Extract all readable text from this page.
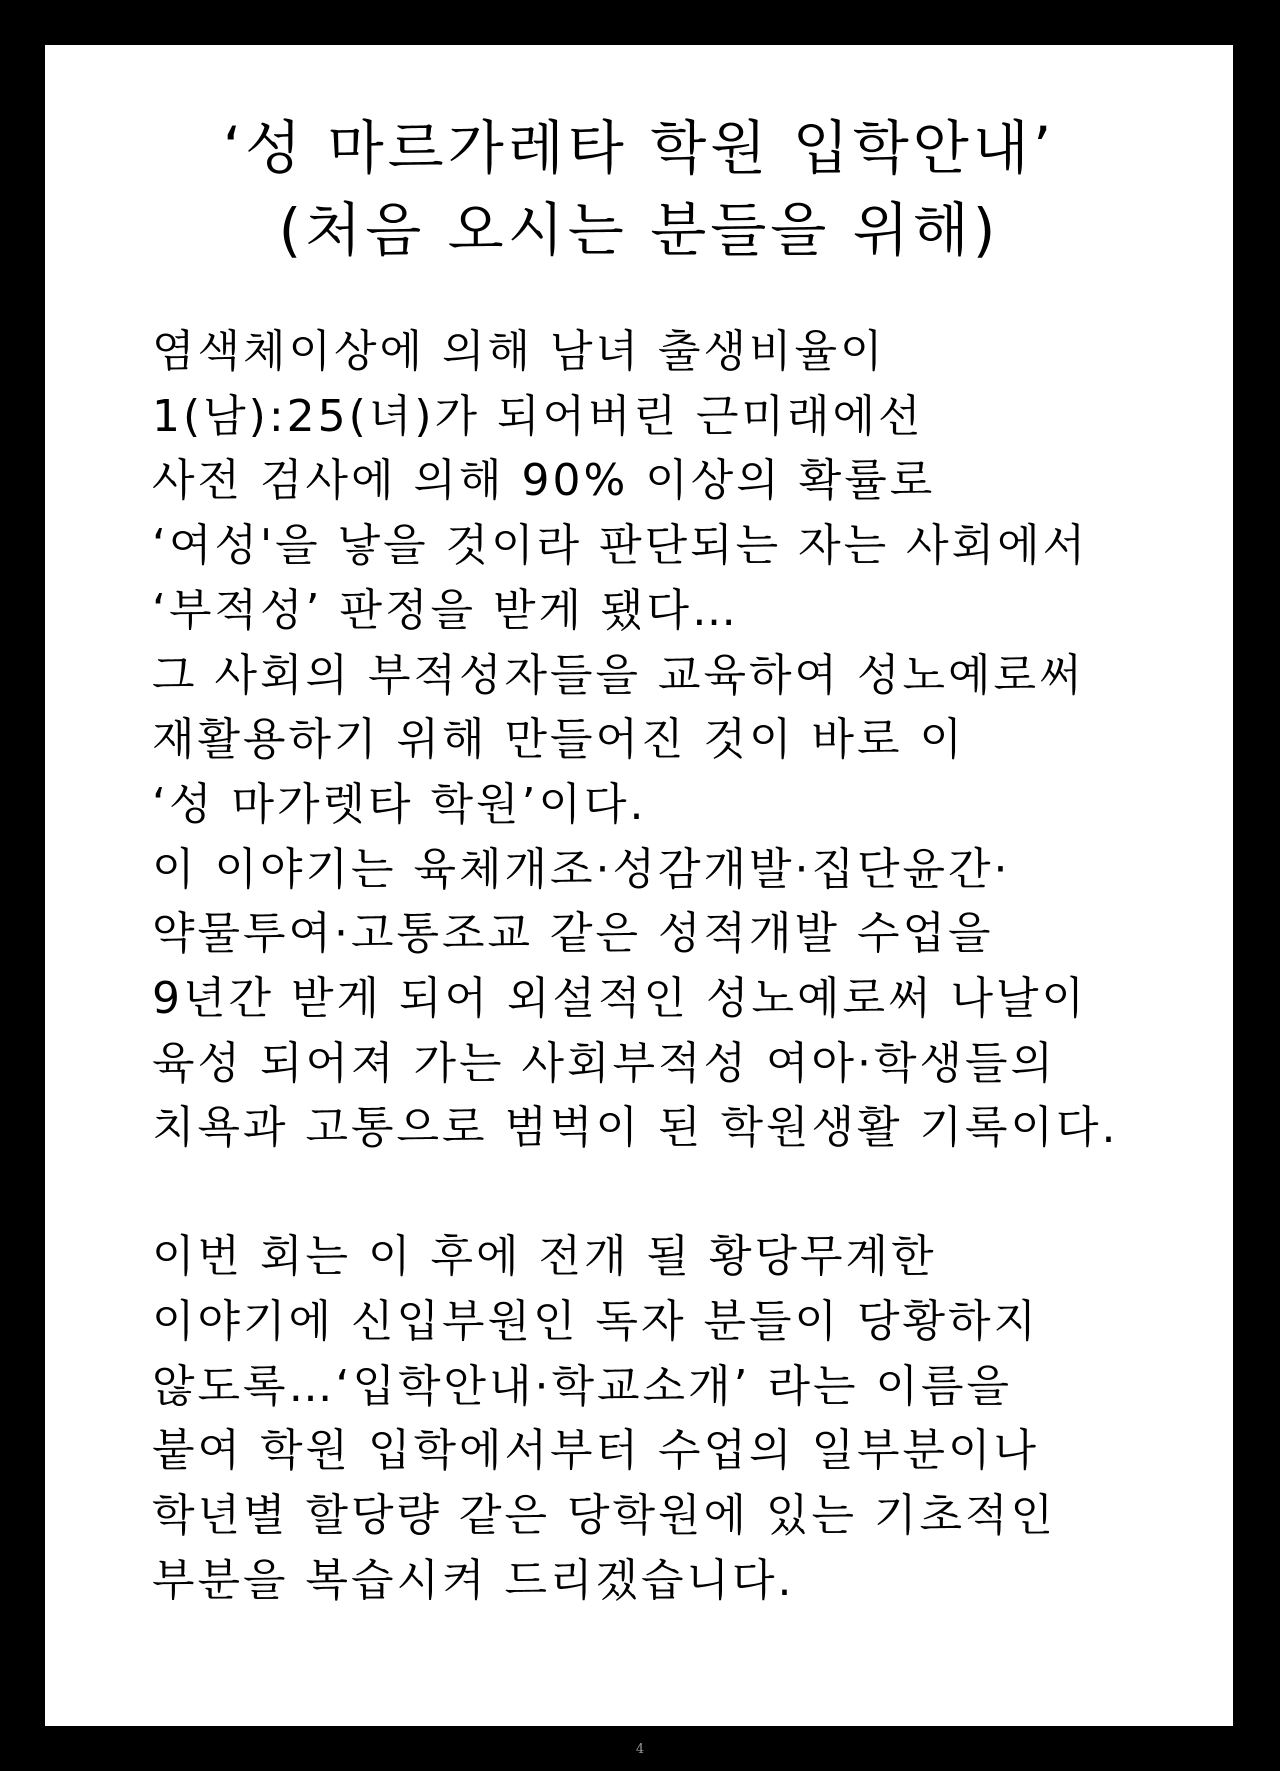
‘성 마르가레타 학원 입학안내’
(처음 오시는 분들을 위해)
염색체이상에 의해 남녀 출생비율이
1(남):25(녀)가 되어버린 근미래에선
사전 검사에 의해 90% 이상의 확률로
‘여성'을 낳을 것이라 판단되는 자는 사회에서
‘부적성’ 판정을 받게 됐다…
그 사회의 부적성자들을 교육하여 성노예로써
재활용하기 위해 만들어진 것이 바로 이
‘성 마가렛타 학원’이다.
이 이야기는 육체개조·성감개발·집단윤간·
약물투여·고통조교 같은 성적개발 수업을
9년간 받게 되어 외설적인 성노예로써 나날이
육성 되어져 가는 사회부적성 여아·학생들의
치욕과 고통으로 범벅이 된 학원생활 기록이다.
이번 회는 이 후에 전개 될 황당무계한
이야기에 신입부원인 독자 분들이 당황하지
않도록…‘입학안내·학교소개’ 라는 이름을
붙여 학원 입학에서부터 수업의 일부분이나
학년별 할당량 같은 당학원에 있는 기초적인
부분을 복습시켜 드리겠습니다.
4
